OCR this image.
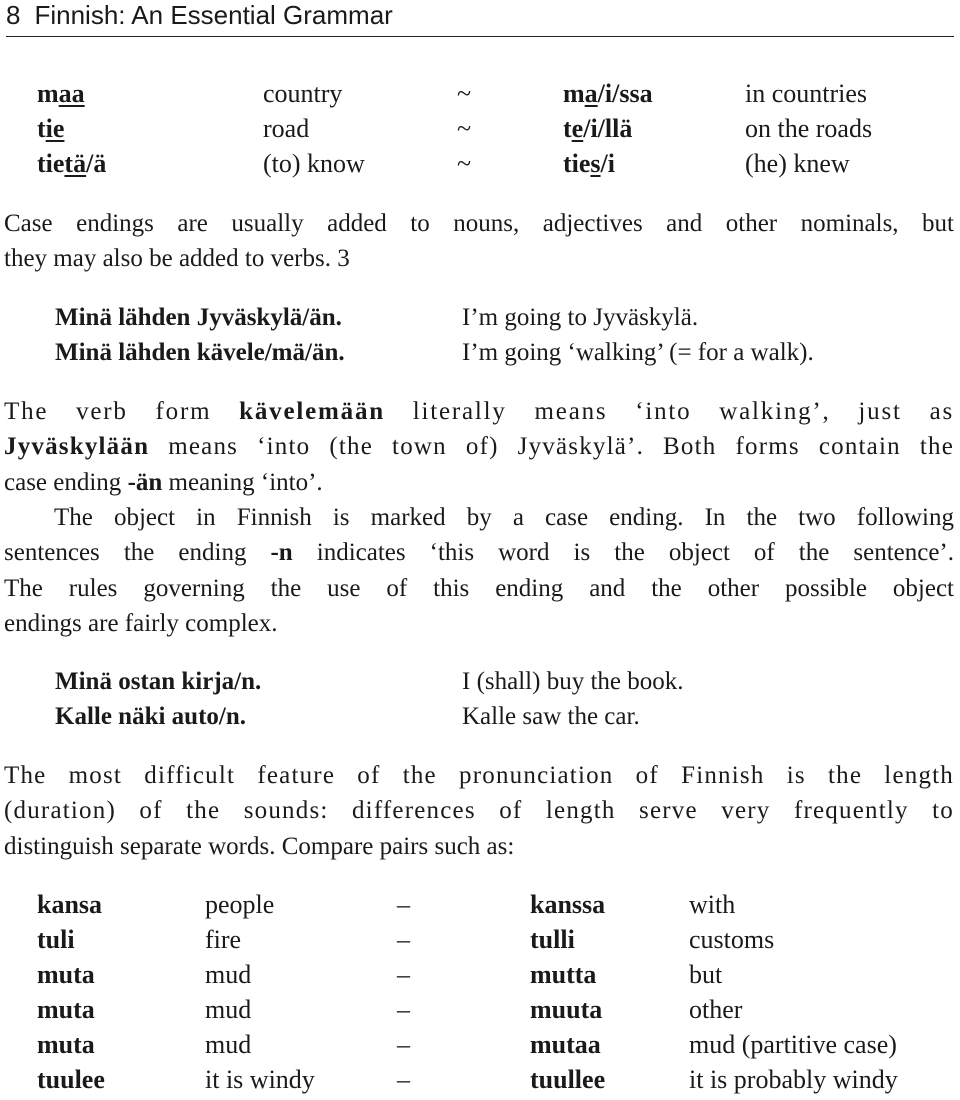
8 Finnish: An Essential Grammar
maa	country	~	ma/i/ssa	in countries
tie	road	~	te/i/llä	on the roads
tietä/ä	(to) know	~	ties/i	(he) knew
Case endings are usually added to nouns, adjectives and other nominals, but
they may also be added to verbs. 3
Minä lähden Jyväskylä/än.	I’m going to Jyväskylä.
Minä lähden kävele/mä/än.	I’m going ‘walking’ (= for a walk).
The verb form kävelemään literally means ‘into walking’, just as
Jyväskylään means ‘into (the town of) Jyväskylä’. Both forms contain the
case ending -än meaning ‘into’.
The object in Finnish is marked by a case ending. In the two following
sentences the ending -n indicates ‘this word is the object of the sentence’.
The rules governing the use of this ending and the other possible object
endings are fairly complex.
Minä ostan kirja/n.	I (shall) buy the book.
Kalle näki auto/n.	Kalle saw the car.
The most difficult feature of the pronunciation of Finnish is the length
(duration) of the sounds: differences of length serve very frequently to
distinguish separate words. Compare pairs such as:
kansa	people	–	kanssa	with
tuli	fire	–	tulli	customs
muta	mud	–	mutta	but
muta	mud	–	muuta	other
muta	mud	–	mutaa	mud (partitive case)
tuulee	it is windy	–	tuullee	it is probably windy
